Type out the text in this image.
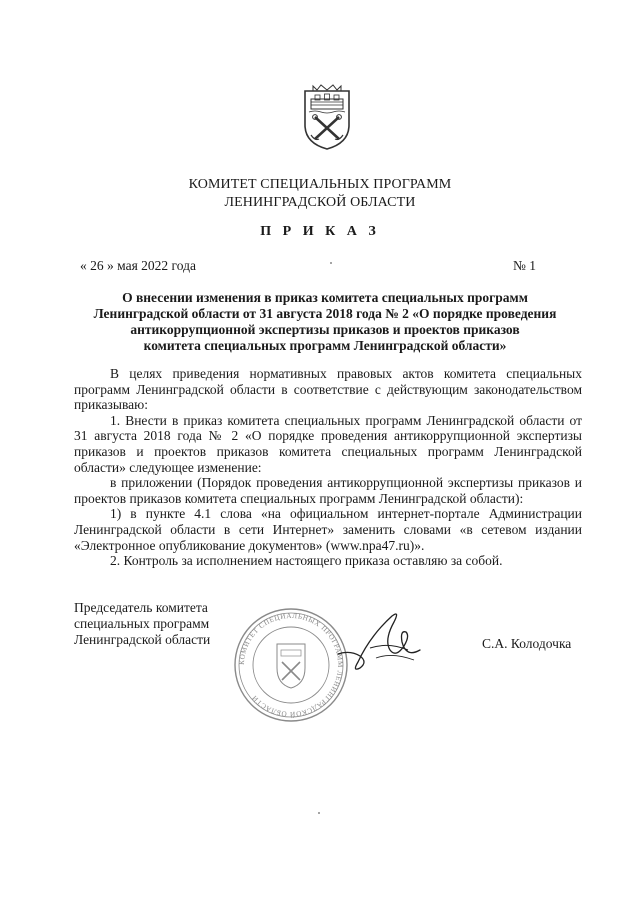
КОМИТЕТ СПЕЦИАЛЬНЫХ ПРОГРАММ
ЛЕНИНГРАДСКОЙ ОБЛАСТИ
П Р И К А З
« 26 » мая 2022 года	№ 1
О внесении изменения в приказ комитета специальных программ
Ленинградской области от 31 августа 2018 года № 2 «О порядке проведения
антикоррупционной экспертизы приказов и проектов приказов
комитета специальных программ Ленинградской области»

В целях приведения нормативных правовых актов комитета специальных программ Ленинградской области в соответствие с действующим законодательством приказываю:

1. Внести в приказ комитета специальных программ Ленинградской области от 31 августа 2018 года № 2 «О порядке проведения антикоррупционной экспертизы приказов и проектов приказов комитета специальных программ Ленинградской области» следующее изменение:

в приложении (Порядок проведения антикоррупционной экспертизы приказов и проектов приказов комитета специальных программ Ленинградской области):

1) в пункте 4.1 слова «на официальном интернет-портале Администрации Ленинградской области в сети Интернет» заменить словами «в сетевом издании «Электронное опубликование документов» (www.npa47.ru)».

2. Контроль за исполнением настоящего приказа оставляю за собой.

Председатель комитета
специальных программ
Ленинградской области
КОМИТЕТ СПЕЦИАЛЬНЫХ ПРОГРАММ ЛЕНИНГРАДСКОЙ ОБЛАСТИ
С.А. Колодочка
